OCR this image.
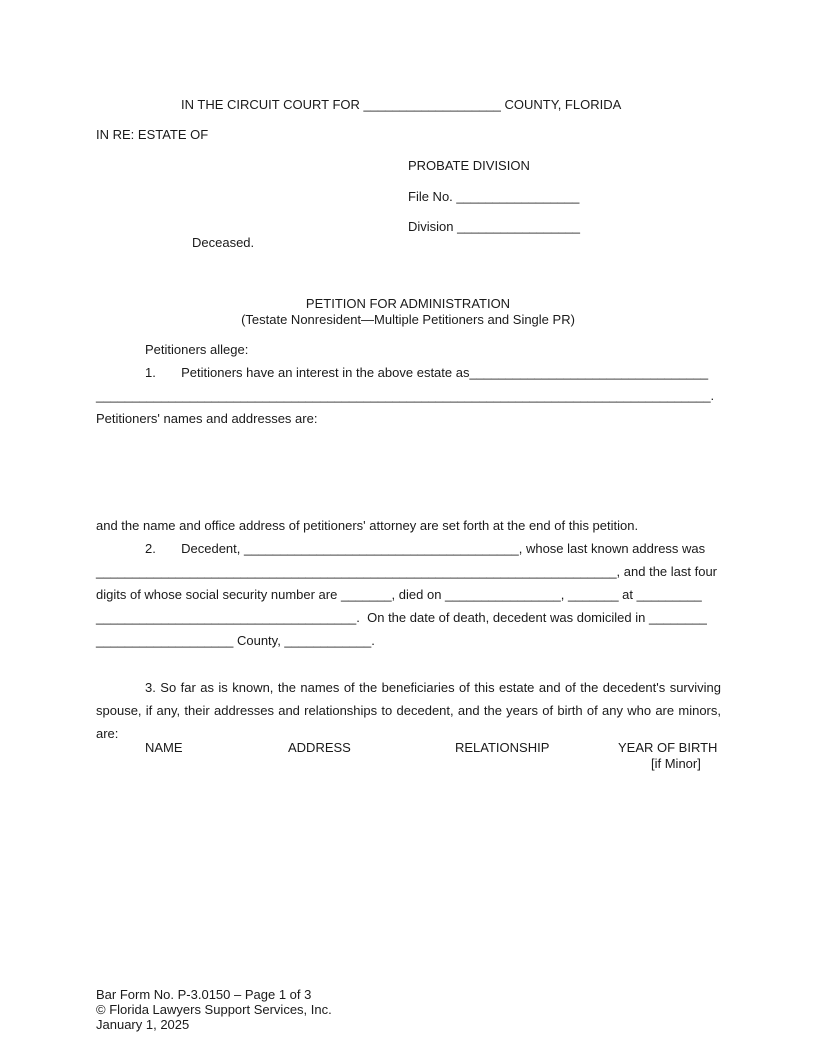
IN THE CIRCUIT COURT FOR ___________________ COUNTY, FLORIDA
IN RE: ESTATE OF
PROBATE DIVISION
File No. _________________
Division _________________
Deceased.
PETITION FOR ADMINISTRATION
(Testate Nonresident—Multiple Petitioners and Single PR)
Petitioners allege:
1.       Petitioners have an interest in the above estate as_________________________________
_____________________________________________________________________________________.
Petitioners' names and addresses are:
and the name and office address of petitioners' attorney are set forth at the end of this petition.
2.       Decedent, ______________________________________, whose last known address was
________________________________________________________________________, and the last four
digits of whose social security number are _______, died on ________________, _______ at _________
____________________________________.  On the date of death, decedent was domiciled in ________
___________________ County, ____________.
3. So far as is known, the names of the beneficiaries of this estate and of the decedent's surviving spouse, if any, their addresses and relationships to decedent, and the years of birth of any who are minors, are:
NAME	ADDRESS	RELATIONSHIP	YEAR OF BIRTH
[if Minor]
Bar Form No. P-3.0150 – Page 1 of 3
© Florida Lawyers Support Services, Inc.
January 1, 2025
